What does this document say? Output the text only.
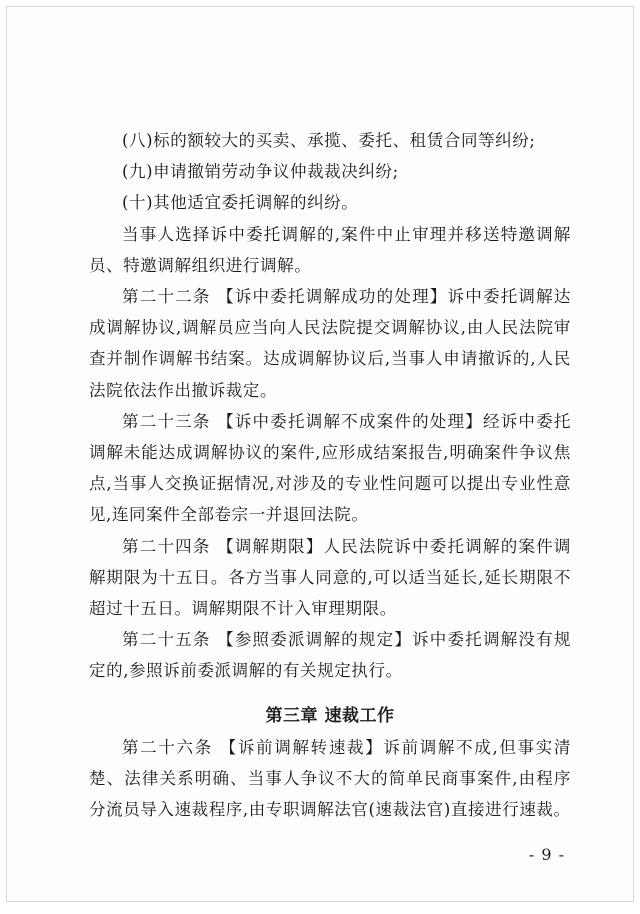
(八)标的额较大的买卖、承揽、委托、租赁合同等纠纷;

(九)申请撤销劳动争议仲裁裁决纠纷;

(十)其他适宜委托调解的纠纷。

当事人选择诉中委托调解的,案件中止审理并移送特邀调解员、特邀调解组织进行调解。

第二十二条 【诉中委托调解成功的处理】诉中委托调解达成调解协议,调解员应当向人民法院提交调解协议,由人民法院审查并制作调解书结案。达成调解协议后,当事人申请撤诉的,人民法院依法作出撤诉裁定。

第二十三条 【诉中委托调解不成案件的处理】经诉中委托调解未能达成调解协议的案件,应形成结案报告,明确案件争议焦点,当事人交换证据情况,对涉及的专业性问题可以提出专业性意见,连同案件全部卷宗一并退回法院。

第二十四条 【调解期限】人民法院诉中委托调解的案件调解期限为十五日。各方当事人同意的,可以适当延长,延长期限不超过十五日。调解期限不计入审理期限。

第二十五条 【参照委派调解的规定】诉中委托调解没有规定的,参照诉前委派调解的有关规定执行。

第三章 速裁工作

第二十六条 【诉前调解转速裁】诉前调解不成,但事实清楚、法律关系明确、当事人争议不大的简单民商事案件,由程序分流员导入速裁程序,由专职调解法官(速裁法官)直接进行速裁。

- 9 -
